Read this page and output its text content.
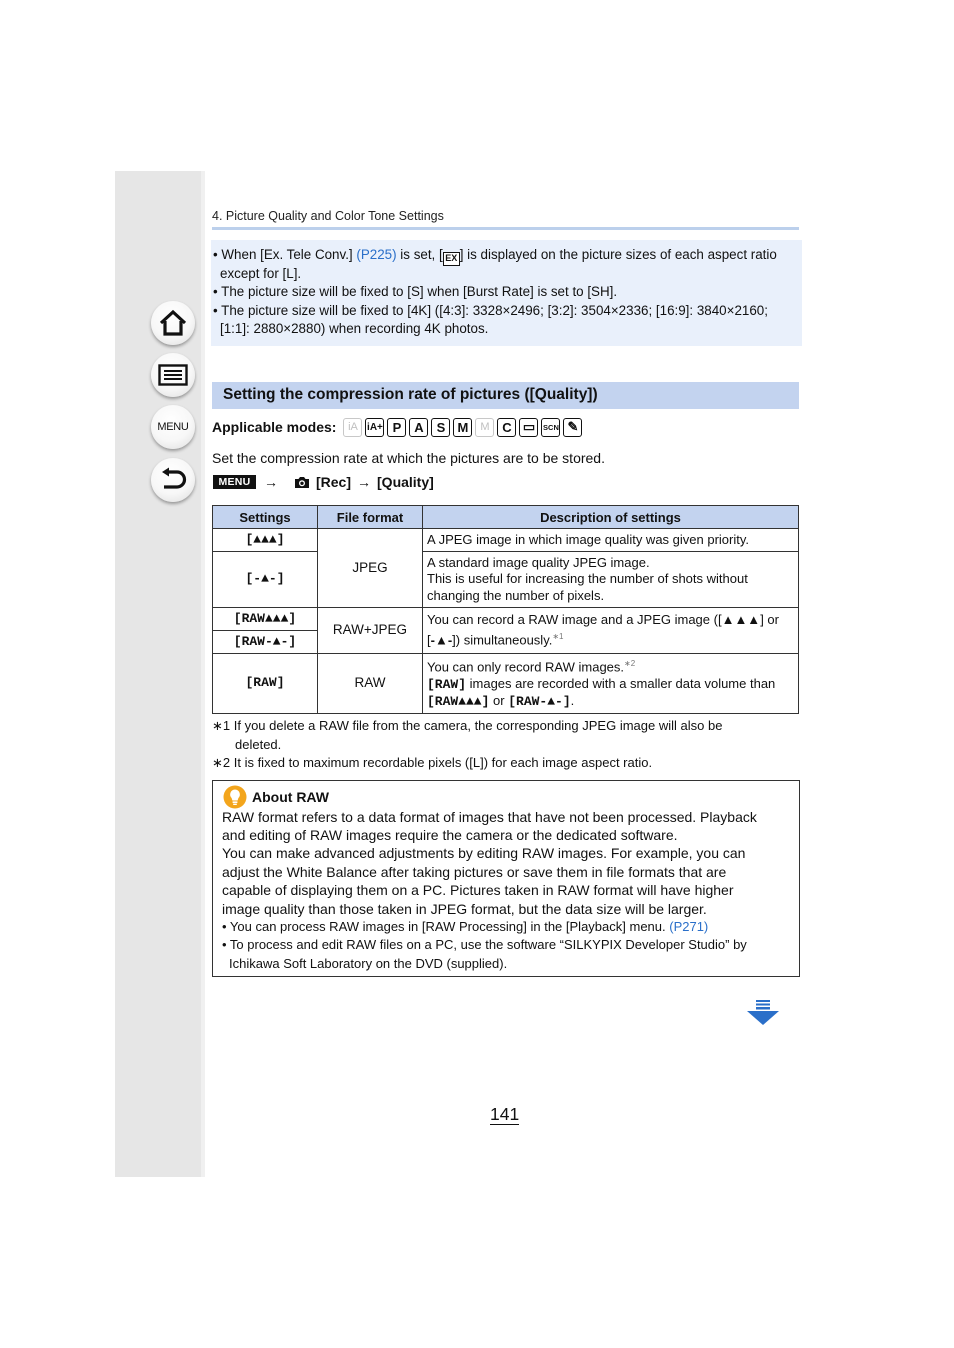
MENU
4. Picture Quality and Color Tone Settings
• When [Ex. Tele Conv.] (P225) is set, [ EX ] is displayed on the picture sizes of each aspect ratio
except for [L].
• The picture size will be fixed to [S] when [Burst Rate] is set to [SH].
• The picture size will be fixed to [4K] ([4:3]: 3328×2496; [3:2]: 3504×2336; [16:9]: 3840×2160;
[1:1]: 2880×2880) when recording 4K photos.
Setting the compression rate of pictures ([Quality])
Applicable modes:	iA iA+ P A S M	M C ▭	SCN ✎
Set the compression rate at which the pictures are to be stored.
MENU →	[Rec] → [Quality]
Settings	File format	Description of settings
[▲▲▲]	JPEG	A JPEG image in which image quality was given priority.
[-▲-]		A standard image quality JPEG image.
This is useful for increasing the number of shots without
changing the number of pixels.

[RAW▲▲▲]	RAW+JPEG	You can record a RAW image and a JPEG image ([▲▲▲] or
[-▲-]) simultaneously.$^{∗1}$

[RAW-▲-]		
[RAW]	RAW	You can only record RAW images.$^{∗2}$
[RAW] images are recorded with a smaller data volume than
[RAW▲▲▲] or [RAW-▲-].
∗1 If you delete a RAW file from the camera, the corresponding JPEG image will also be
deleted.
∗2 It is fixed to maximum recordable pixels ([L]) for each image aspect ratio.
About RAW
RAW format refers to a data format of images that have not been processed. Playback
and editing of RAW images require the camera or the dedicated software.
You can make advanced adjustments by editing RAW images. For example, you can
adjust the White Balance after taking pictures or save them in file formats that are
capable of displaying them on a PC. Pictures taken in RAW format will have higher
image quality than those taken in JPEG format, but the data size will be larger.
• You can process RAW images in [RAW Processing] in the [Playback] menu. (P271)
• To process and edit RAW files on a PC, use the software “SILKYPIX Developer Studio” by
Ichikawa Soft Laboratory on the DVD (supplied).
141
